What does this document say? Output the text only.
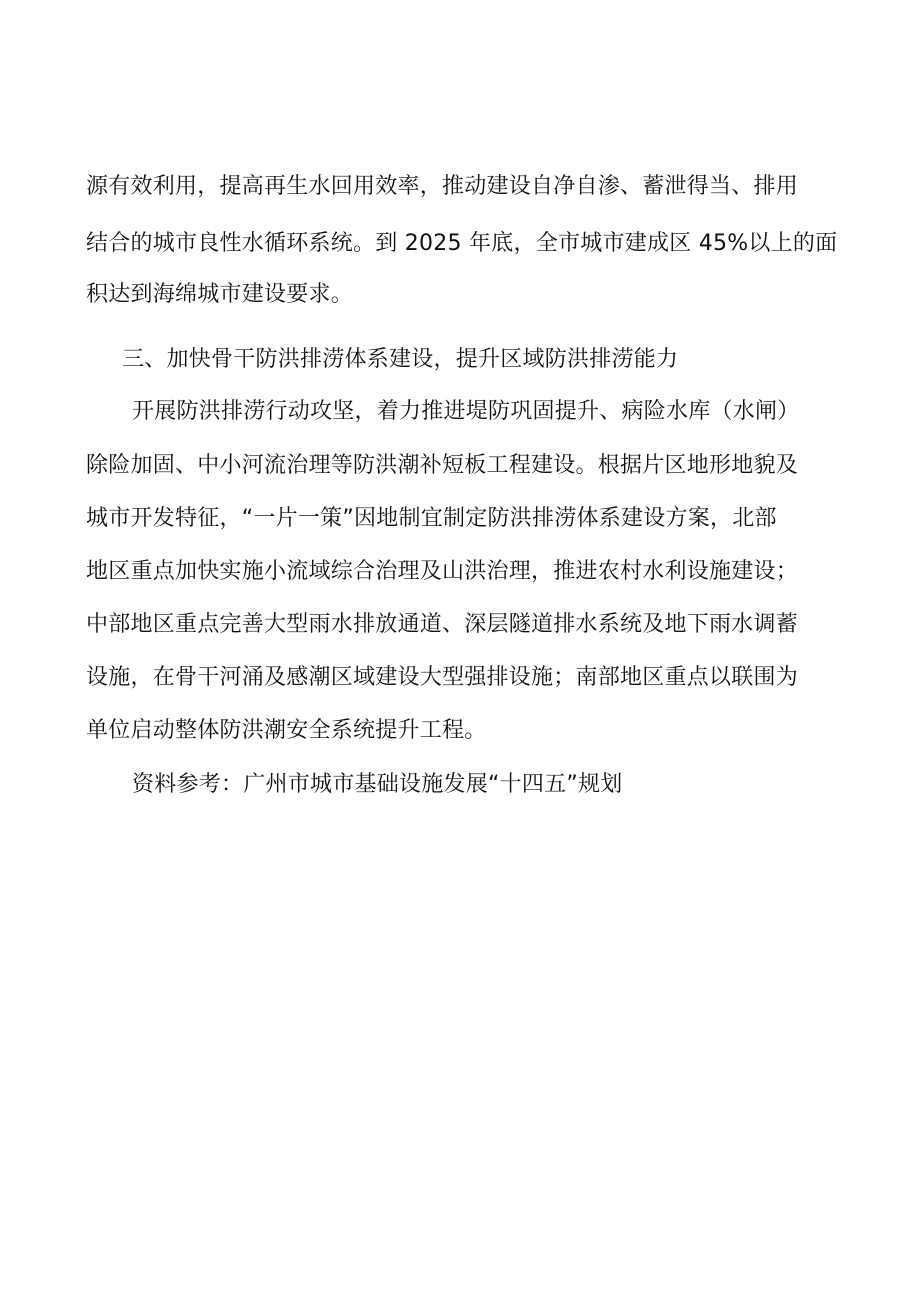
源有效利用，提高再生水回用效率，推动建设自净自渗、蓄泄得当、排用
结合的城市良性水循环系统。到 2025 年底，全市城市建成区 45%以上的面
积达到海绵城市建设要求。
三、加快骨干防洪排涝体系建设，提升区域防洪排涝能力
开展防洪排涝行动攻坚，着力推进堤防巩固提升、病险水库（水闸）
除险加固、中小河流治理等防洪潮补短板工程建设。根据片区地形地貌及
城市开发特征，“一片一策”因地制宜制定防洪排涝体系建设方案，北部
地区重点加快实施小流域综合治理及山洪治理，推进农村水利设施建设；
中部地区重点完善大型雨水排放通道、深层隧道排水系统及地下雨水调蓄
设施，在骨干河涌及感潮区域建设大型强排设施；南部地区重点以联围为
单位启动整体防洪潮安全系统提升工程。
资料参考：广州市城市基础设施发展“十四五”规划
